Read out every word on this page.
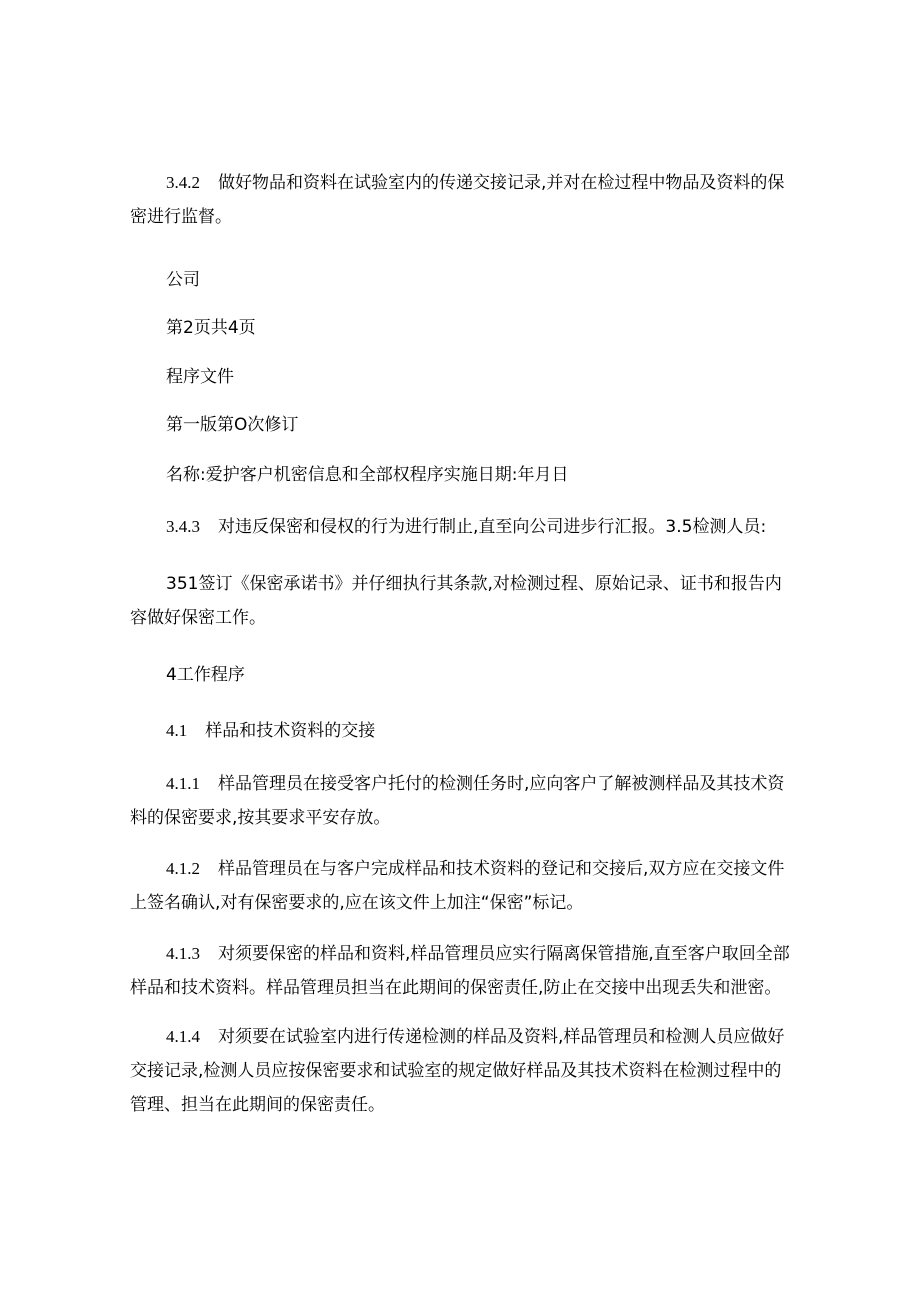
3.4.2 做好物品和资料在试验室内的传递交接记录,并对在检过程中物品及资料的保密进行监督。

公司

第2页共4页

程序文件

第一版第O次修订

名称:爱护客户机密信息和全部权程序实施日期:年月日

3.4.3 对违反保密和侵权的行为进行制止,直至向公司进步行汇报。3.5检测人员:

351签订《保密承诺书》并仔细执行其条款,对检测过程、原始记录、证书和报告内容做好保密工作。

4工作程序

4.1 样品和技术资料的交接

4.1.1 样品管理员在接受客户托付的检测任务时,应向客户了解被测样品及其技术资料的保密要求,按其要求平安存放。

4.1.2 样品管理员在与客户完成样品和技术资料的登记和交接后,双方应在交接文件上签名确认,对有保密要求的,应在该文件上加注“保密”标记。

4.1.3 对须要保密的样品和资料,样品管理员应实行隔离保管措施,直至客户取回全部样品和技术资料。样品管理员担当在此期间的保密责任,防止在交接中出现丢失和泄密。

4.1.4 对须要在试验室内进行传递检测的样品及资料,样品管理员和检测人员应做好交接记录,检测人员应按保密要求和试验室的规定做好样品及其技术资料在检测过程中的管理、担当在此期间的保密责任。
